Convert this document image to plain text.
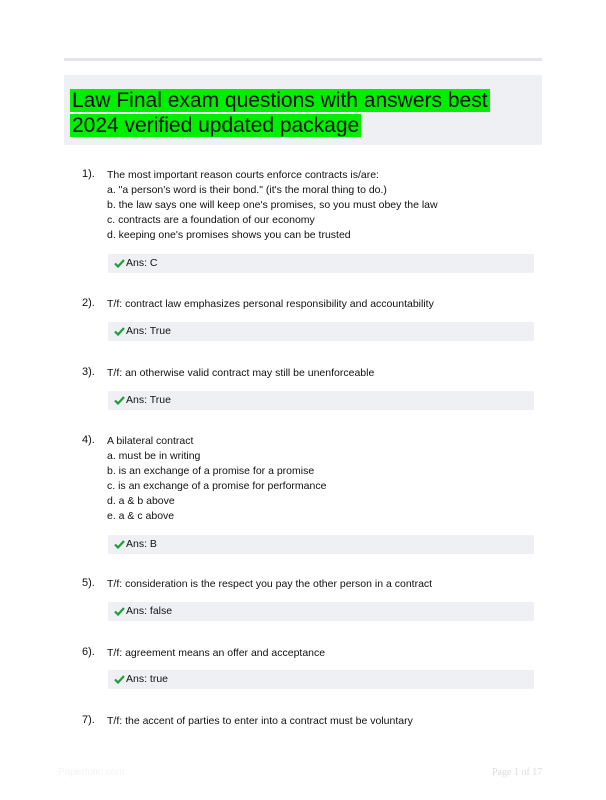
Law Final exam questions with answers best 2024 verified updated package
1). The most important reason courts enforce contracts is/are:
a. "a person's word is their bond." (it's the moral thing to do.)
b. the law says one will keep one's promises, so you must obey the law
c. contracts are a foundation of our economy
d. keeping one's promises shows you can be trusted
Ans: C
2). T/f: contract law emphasizes personal responsibility and accountability
Ans: True
3). T/f: an otherwise valid contract may still be unenforceable
Ans: True
4). A bilateral contract
a. must be in writing
b. is an exchange of a promise for a promise
c. is an exchange of a promise for performance
d. a & b above
e. a & c above
Ans: B
5). T/f: consideration is the respect you pay the other person in a contract
Ans: false
6). T/f: agreement means an offer and acceptance
Ans: true
7). T/f: the accent of parties to enter into a contract must be voluntary
Paperfolio.com	Page 1 of 17
